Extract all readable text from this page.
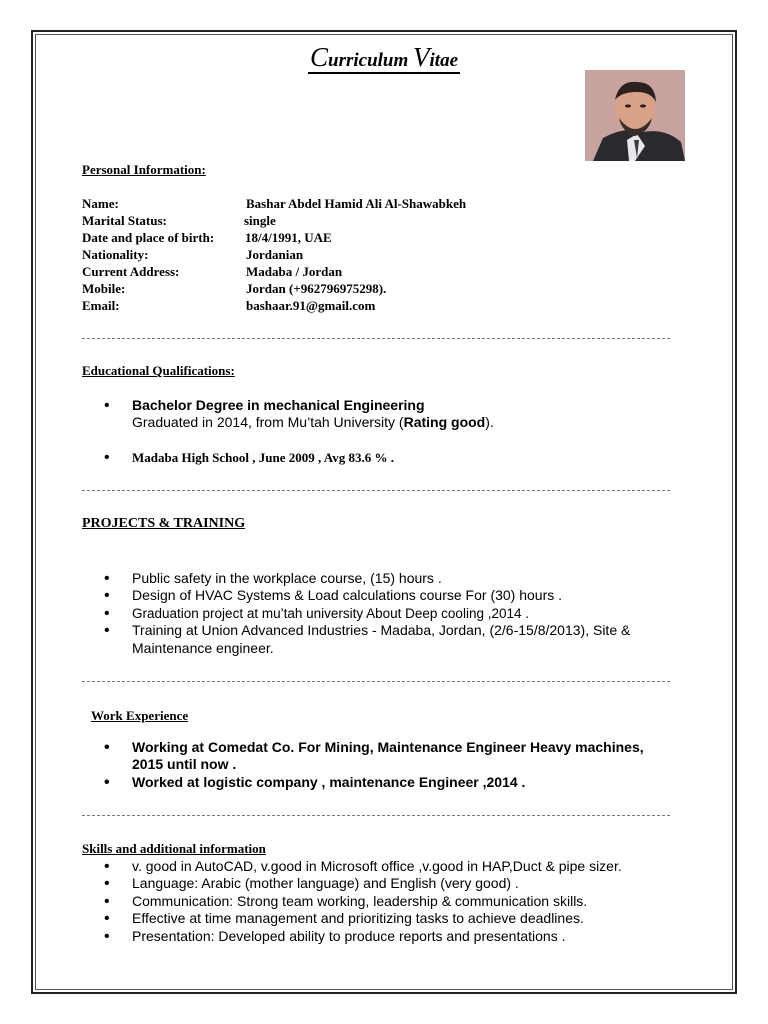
Curriculum Vitae
Personal Information:
Name:	Bashar Abdel Hamid Ali Al-Shawabkeh
Marital Status:	single
Date and place of birth: 18/4/1991, UAE
Nationality:	Jordanian
Current Address:	Madaba / Jordan
Mobile:	Jordan (+962796975298).
Email:	bashaar.91@gmail.com
Educational Qualifications:
• Bachelor Degree in mechanical Engineering
Graduated in 2014, from Mu’tah University (Rating good).
• Madaba High School , June 2009 , Avg 83.6 % .
PROJECTS & TRAINING
• Public safety in the workplace course, (15) hours .
• Design of HVAC Systems & Load calculations course For (30) hours .
• Graduation project at mu’tah university About Deep cooling ,2014 .
• Training at Union Advanced Industries - Madaba, Jordan, (2/6-15/8/2013), Site & Maintenance engineer.
Work Experience
• Working at Comedat Co. For Mining, Maintenance Engineer Heavy machines, 2015 until now .
• Worked at logistic company , maintenance Engineer ,2014 .
Skills and additional information
• v. good in AutoCAD, v.good in Microsoft office ,v.good in HAP,Duct & pipe sizer.
• Language: Arabic (mother language) and English (very good) .
• Communication: Strong team working, leadership & communication skills.
• Effective at time management and prioritizing tasks to achieve deadlines.
• Presentation: Developed ability to produce reports and presentations .
